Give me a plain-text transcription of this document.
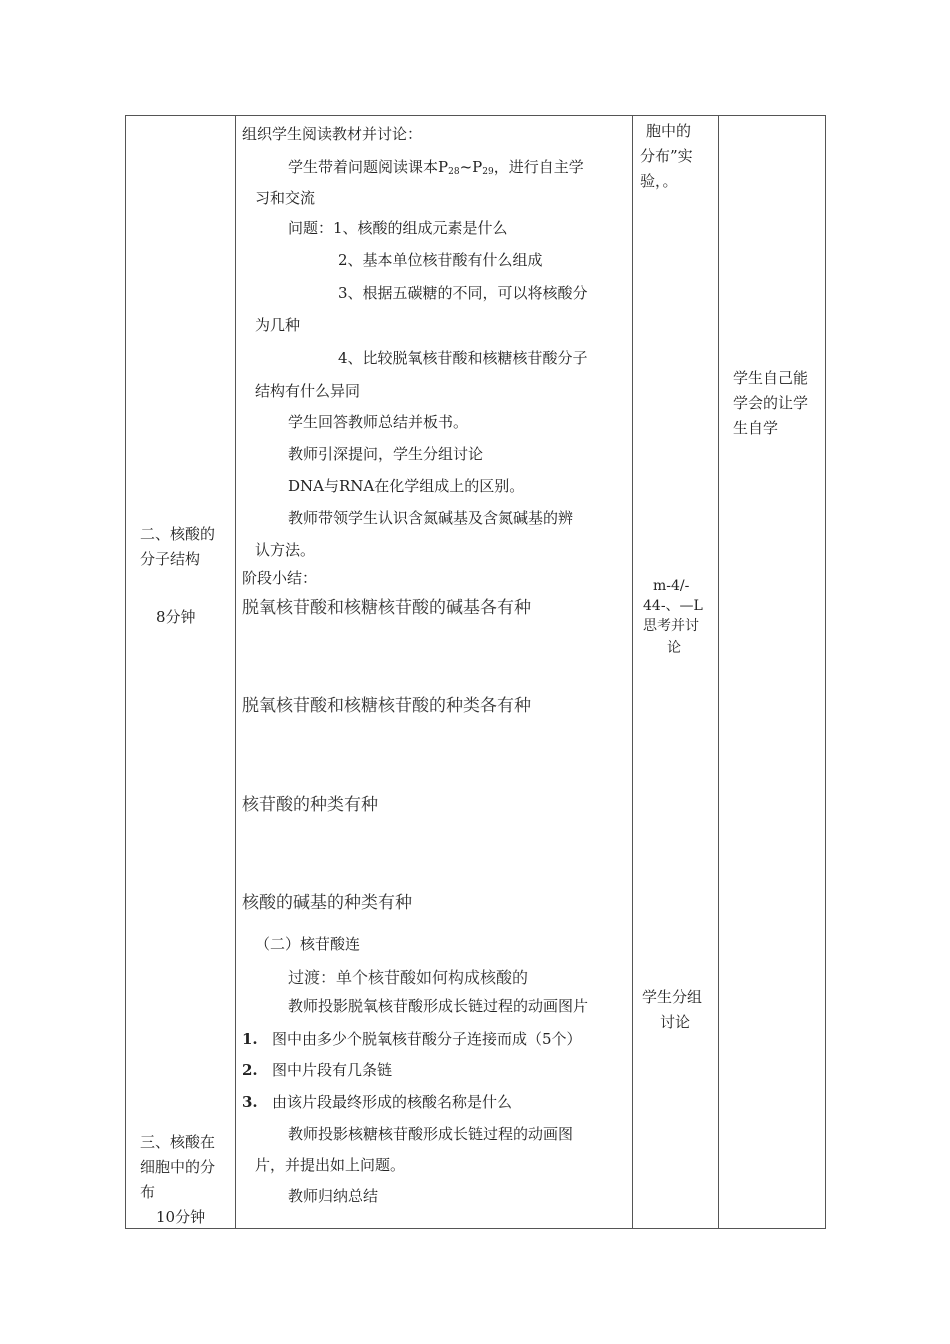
二、核酸的
分子结构
8分钟
三、核酸在
细胞中的分
布
10分钟
组织学生阅读教材并讨论：
学生带着问题阅读课本$P_{28}\sim P_{29}$，进行自主学
习和交流
问题：1、核酸的组成元素是什么
2、基本单位核苷酸有什么组成
3、根据五碳糖的不同，可以将核酸分
为几种
4、比较脱氧核苷酸和核糖核苷酸分子
结构有什么异同
学生回答教师总结并板书。
教师引深提问，学生分组讨论
DNA与RNA在化学组成上的区别。
教师带领学生认识含氮碱基及含氮碱基的辨
认方法。
阶段小结：
脱氧核苷酸和核糖核苷酸的碱基各有种
脱氧核苷酸和核糖核苷酸的种类各有种
核苷酸的种类有种
核酸的碱基的种类有种
（二）核苷酸连
过渡：单个核苷酸如何构成核酸的
教师投影脱氧核苷酸形成长链过程的动画图片
1. 图中由多少个脱氧核苷酸分子连接而成（5个）
2. 图中片段有几条链
3. 由该片段最终形成的核酸名称是什么
教师投影核糖核苷酸形成长链过程的动画图
片，并提出如上问题。
教师归纳总结
胞中的
分布”实
验，。
m-4/-
44-、—L
思考并讨
论
学生分组
讨论
学生自己能
学会的让学
生自学
